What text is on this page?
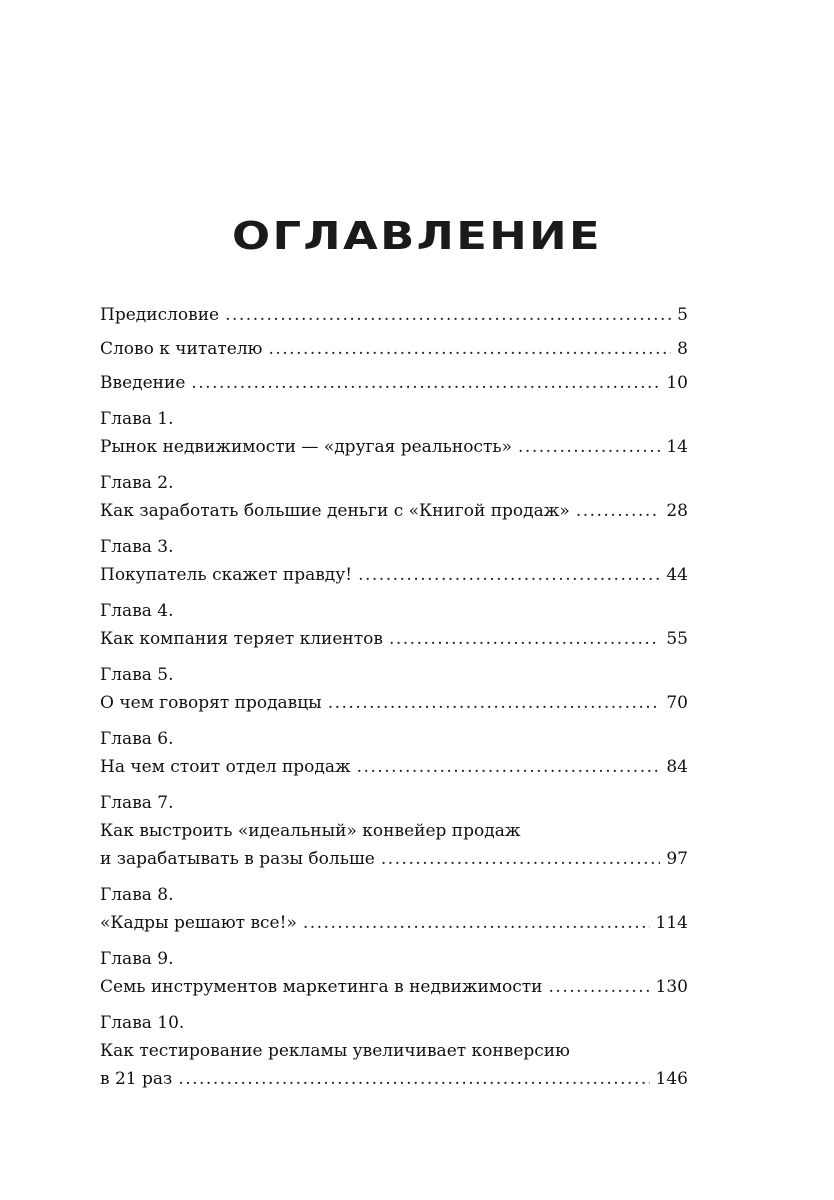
ОГЛАВЛЕНИЕ
Предисловие .....	5
Слово к читателю .....	8
Введение .....	10
Глава 1.
Рынок недвижимости — «другая реальность» .....	14
Глава 2.
Как заработать большие деньги с «Книгой продаж» .....	28
Глава 3.
Покупатель скажет правду! .....	44
Глава 4.
Как компания теряет клиентов .....	55
Глава 5.
О чем говорят продавцы .....	70
Глава 6.
На чем стоит отдел продаж .....	84
Глава 7.
Как выстроить «идеальный» конвейер продаж
и зарабатывать в разы больше .....	97
Глава 8.
«Кадры решают все!» .....	114
Глава 9.
Семь инструментов маркетинга в недвижимости .....	130
Глава 10.
Как тестирование рекламы увеличивает конверсию
в 21 раз .....	146
